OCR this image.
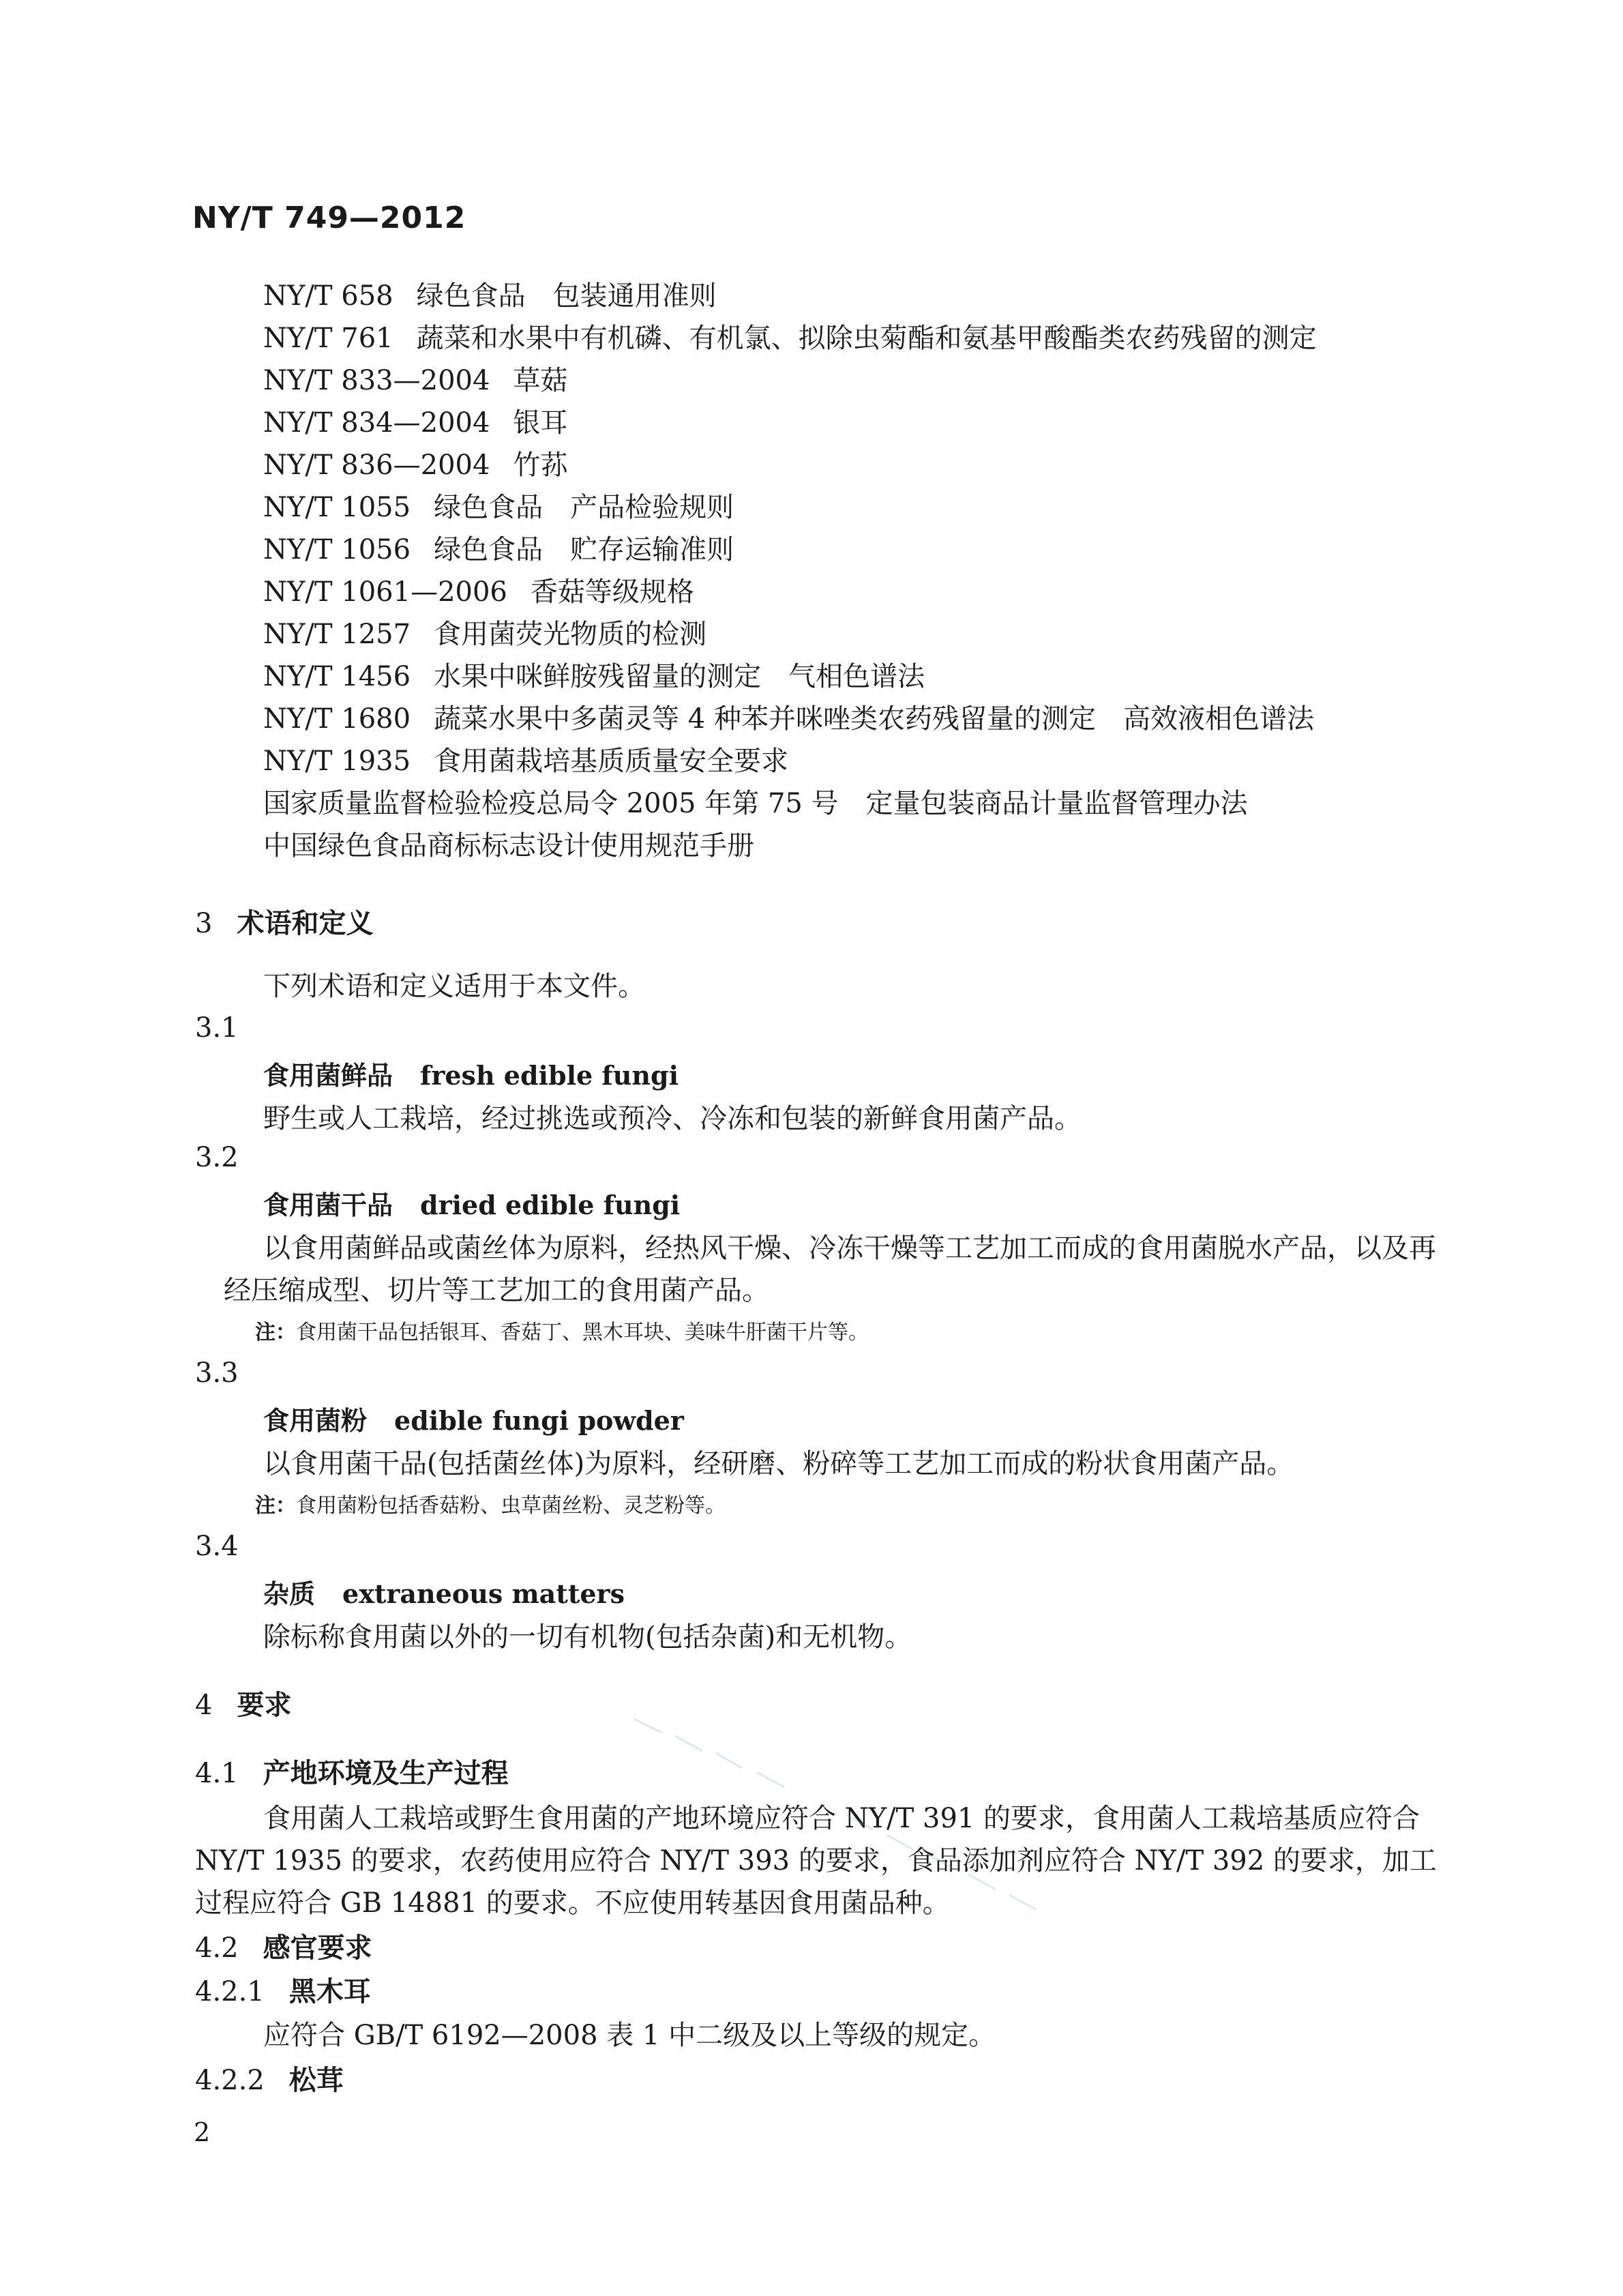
NY/T 749—2012
NY/T 658 绿色食品　包装通用准则
NY/T 761 蔬菜和水果中有机磷、有机氯、拟除虫菊酯和氨基甲酸酯类农药残留的测定
NY/T 833—2004 草菇
NY/T 834—2004 银耳
NY/T 836—2004 竹荪
NY/T 1055 绿色食品　产品检验规则
NY/T 1056 绿色食品　贮存运输准则
NY/T 1061—2006 香菇等级规格
NY/T 1257 食用菌荧光物质的检测
NY/T 1456 水果中咪鲜胺残留量的测定　气相色谱法
NY/T 1680 蔬菜水果中多菌灵等 4 种苯并咪唑类农药残留量的测定　高效液相色谱法
NY/T 1935 食用菌栽培基质质量安全要求
国家质量监督检验检疫总局令 2005 年第 75 号　定量包装商品计量监督管理办法
中国绿色食品商标标志设计使用规范手册
3 术语和定义
下列术语和定义适用于本文件。
3.1
食用菌鲜品 fresh edible fungi
野生或人工栽培，经过挑选或预冷、冷冻和包装的新鲜食用菌产品。
3.2
食用菌干品 dried edible fungi
以食用菌鲜品或菌丝体为原料，经热风干燥、冷冻干燥等工艺加工而成的食用菌脱水产品，以及再
经压缩成型、切片等工艺加工的食用菌产品。
注：食用菌干品包括银耳、香菇丁、黑木耳块、美味牛肝菌干片等。
3.3
食用菌粉 edible fungi powder
以食用菌干品(包括菌丝体)为原料，经研磨、粉碎等工艺加工而成的粉状食用菌产品。
注：食用菌粉包括香菇粉、虫草菌丝粉、灵芝粉等。
3.4
杂质 extraneous matters
除标称食用菌以外的一切有机物(包括杂菌)和无机物。
4 要求
4.1 产地环境及生产过程
食用菌人工栽培或野生食用菌的产地环境应符合 NY/T 391 的要求，食用菌人工栽培基质应符合
NY/T 1935 的要求，农药使用应符合 NY/T 393 的要求，食品添加剂应符合 NY/T 392 的要求，加工
过程应符合 GB 14881 的要求。不应使用转基因食用菌品种。
4.2 感官要求
4.2.1 黑木耳
应符合 GB/T 6192—2008 表 1 中二级及以上等级的规定。
4.2.2 松茸
2
